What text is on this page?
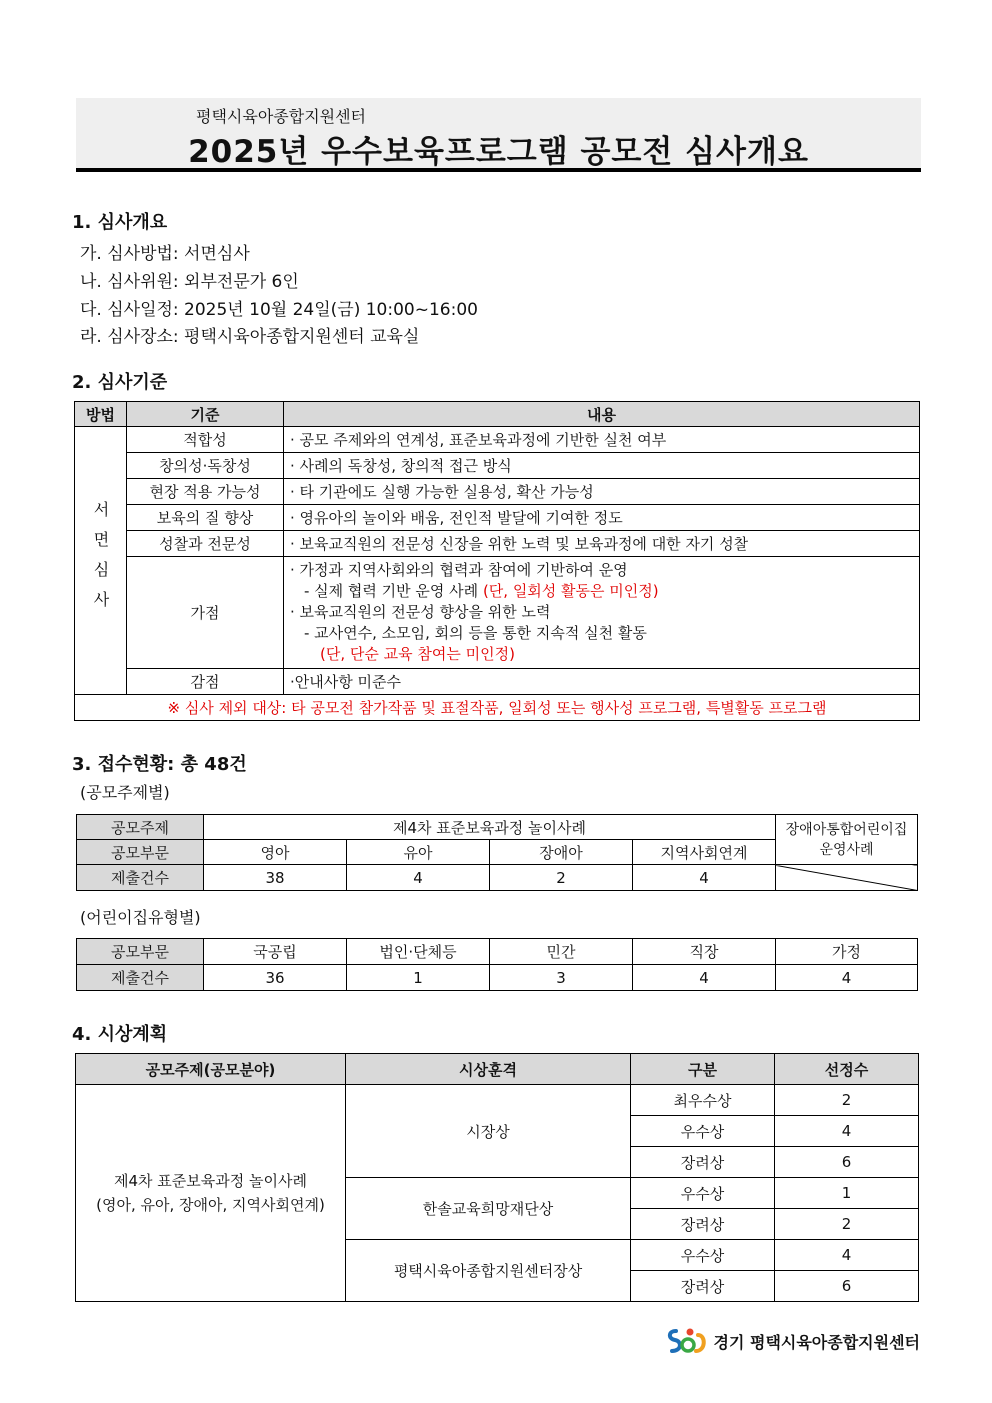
평택시육아종합지원센터
2025년 우수보육프로그램 공모전 심사개요
1. 심사개요
가. 심사방법: 서면심사
나. 심사위원: 외부전문가 6인
다. 심사일정: 2025년 10월 24일(금) 10:00~16:00
라. 심사장소: 평택시육아종합지원센터 교육실
2. 심사기준
방법	기준	내용
서면심사	적합성	· 공모 주제와의 연계성, 표준보육과정에 기반한 실천 여부
	창의성·독창성	· 사례의 독창성, 창의적 접근 방식
	현장 적용 가능성	· 타 기관에도 실행 가능한 실용성, 확산 가능성
	보육의 질 향상	· 영유아의 놀이와 배움, 전인적 발달에 기여한 정도
	성찰과 전문성	· 보육교직원의 전문성 신장을 위한 노력 및 보육과정에 대한 자기 성찰
	가점	· 가정과 지역사회와의 협력과 참여에 기반하여 운영
- 실제 협력 기반 운영 사례 (단, 일회성 활동은 미인정)
· 보육교직원의 전문성 향상을 위한 노력
- 교사연수, 소모임, 회의 등을 통한 지속적 실천 활동
(단, 단순 교육 참여는 미인정)

	감점	·안내사항 미준수
※ 심사 제외 대상: 타 공모전 참가작품 및 표절작품, 일회성 또는 행사성 프로그램, 특별활동 프로그램		
3. 접수현황: 총 48건
(공모주제별)
공모주제	제4차 표준보육과정 놀이사례				장애아통합어린이집 운영사례
공모부문	영아	유아	장애아	지역사회연계	
제출건수	38	4	2	4	
(어린이집유형별)
공모부문	국공립	법인·단체등	민간	직장	가정
제출건수	36	1	3	4	4
4. 시상계획
공모주제(공모분야)	시상훈격	구분	선정수

제4차 표준보육과정 놀이사례
(영아, 유아, 장애아, 지역사회연계)	시장상	최우수상	2
		우수상	4
		장려상	6
	한솔교육희망재단상	우수상	1
		장려상	2
	평택시육아종합지원센터장상	우수상	4
		장려상	6
경기 평택시육아종합지원센터
